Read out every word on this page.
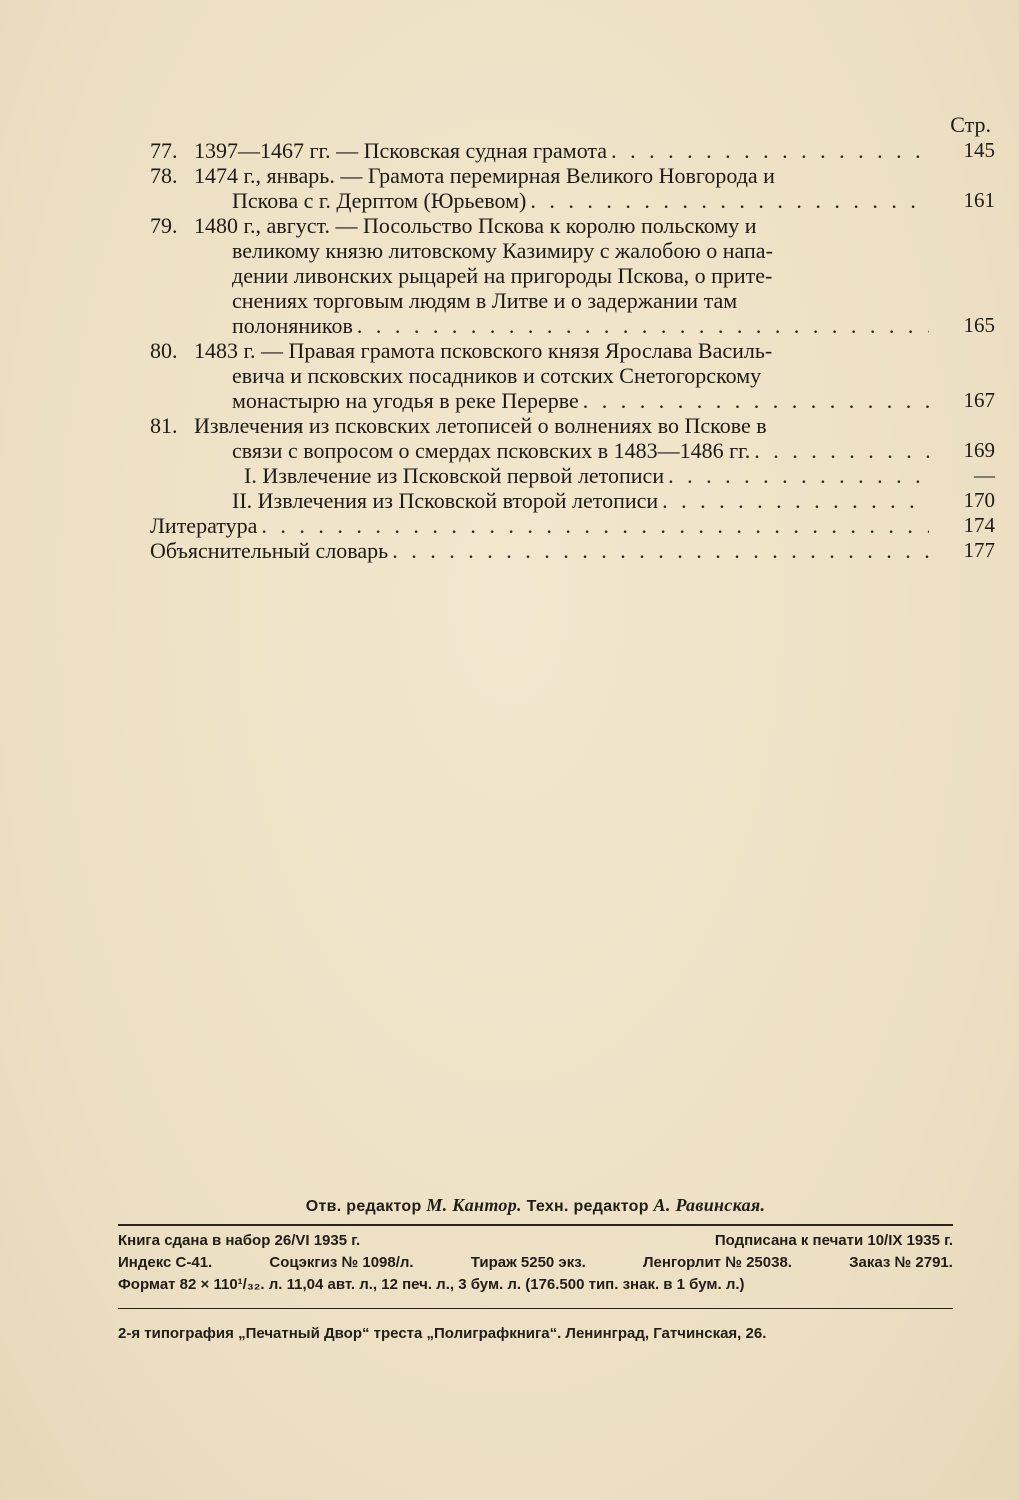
Стр.
77. 1397—1467 гг. — Псковская судная грамота . . .	145
78. 1474 г., январь. — Грамота перемирная Великого Новгорода и
Пскова с г. Дерптом (Юрьевом) . . .	161
79. 1480 г., август. — Посольство Пскова к королю польскому и
великому князю литовскому Казимиру с жалобою о напа-
дении ливонских рыцарей на пригороды Пскова, о прите-
снениях торговым людям в Литве и о задержании там
полоняников . . .	165
80. 1483 г. — Правая грамота псковского князя Ярослава Василь-
евича и псковских посадников и сотских Снетогорскому
монастырю на угодья в реке Перерве . . .	167
81. Извлечения из псковских летописей о волнениях во Пскове в
связи с вопросом о смердах псковских в 1483—1486 гг. . . .	169
I. Извлечение из Псковской первой летописи . . .	—
II. Извлечения из Псковской второй летописи . . .	170
Литература . . .	174
Объяснительный словарь . . .	177
Отв. редактор М. Кантор. Техн. редактор А. Равинская.
Книга сдана в набор 26/VI 1935 г.	Подписана к печати 10/IX 1935 г.
Индекс С-41.	Соцэкгиз № 1098/л.	Тираж 5250 экз.	Ленгорлит № 25038.	Заказ № 2791.
Формат 82 × 110¹/₃₂. л. 11,04 авт. л., 12 печ. л., 3 бум. л. (176.500 тип. знак. в 1 бум. л.)
2-я типография „Печатный Двор“ треста „Полиграфкнига“. Ленинград, Гатчинская, 26.
